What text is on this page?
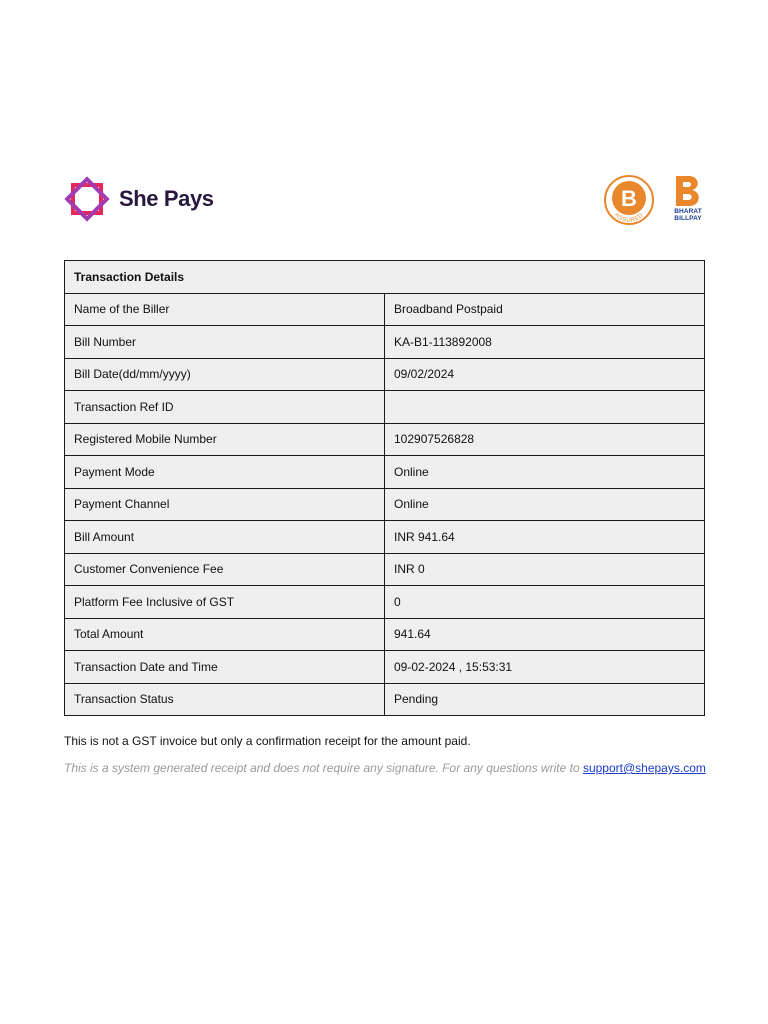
She Pays	B
ASSURED
BHARAT
BILLPAY
Transaction Details	
Name of the Biller	Broadband Postpaid
Bill Number	KA-B1-113892008
Bill Date(dd/mm/yyyy)	09/02/2024
Transaction Ref ID	
Registered Mobile Number	102907526828
Payment Mode	Online
Payment Channel	Online
Bill Amount	INR 941.64
Customer Convenience Fee	INR 0
Platform Fee Inclusive of GST	0
Total Amount	941.64
Transaction Date and Time	09-02-2024 , 15:53:31
Transaction Status	Pending
This is not a GST invoice but only a confirmation receipt for the amount paid.
This is a system generated receipt and does not require any signature. For any questions write to support@shepays.com
